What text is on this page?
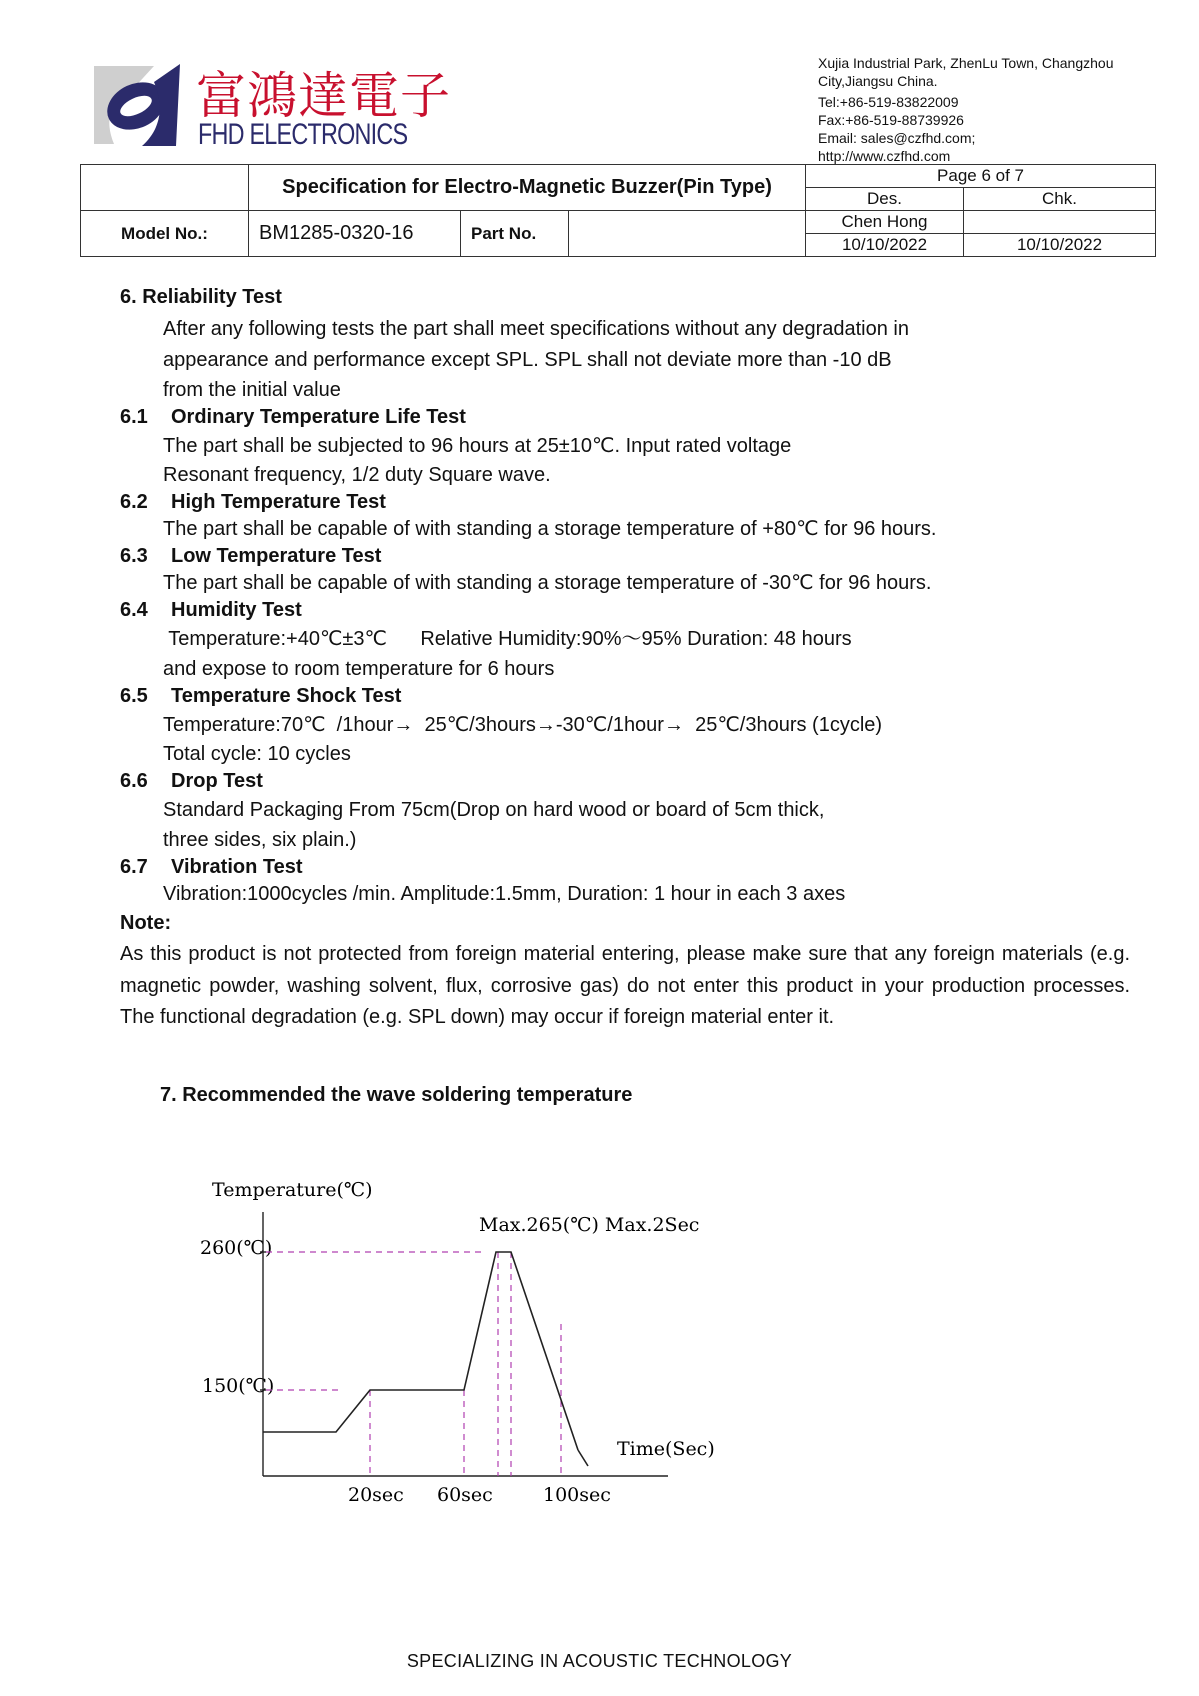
富鴻達電子
FHD ELECTRONICS
Xujia Industrial Park, ZhenLu Town, Changzhou
City,Jiangsu China.
Tel:+86-519-83822009
Fax:+86-519-88739926
Email: sales@czfhd.com;
http://www.czfhd.com
	Specification for Electro-Magnetic Buzzer(Pin Type)			Page 6 of 7	
				Des.	Chk.
Model No.:	BM1285-0320-16	Part No.		Chen Hong	
				10/10/2022	10/10/2022
6. Reliability Test
After any following tests the part shall meet specifications without any degradation in
appearance and performance except SPL. SPL shall not deviate more than -10 dB
from the initial value
6.1 Ordinary Temperature Life Test
The part shall be subjected to 96 hours at 25±10℃. Input rated voltage
Resonant frequency, 1/2 duty Square wave.
6.2 High Temperature Test
The part shall be capable of with standing a storage temperature of +80℃ for 96 hours.
6.3 Low Temperature Test
The part shall be capable of with standing a storage temperature of -30℃ for 96 hours.
6.4 Humidity Test
Temperature:+40℃±3℃      Relative Humidity:90%～95% Duration: 48 hours
and expose to room temperature for 6 hours
6.5 Temperature Shock Test
Temperature:70℃  /1hour→  25℃/3hours→-30℃/1hour→  25℃/3hours (1cycle)
Total cycle: 10 cycles
6.6 Drop Test
Standard Packaging From 75cm(Drop on hard wood or board of 5cm thick,
three sides, six plain.)
6.7 Vibration Test
Vibration:1000cycles /min. Amplitude:1.5mm, Duration: 1 hour in each 3 axes
Note:
As this product is not protected from foreign material entering, please make sure that any foreign materials (e.g. magnetic powder, washing solvent, flux, corrosive gas) do not enter this product in your production processes. The functional degradation (e.g. SPL down) may occur if foreign material enter it.
7. Recommended the wave soldering temperature
Temperature(℃)
260(℃)
150(℃)
Max.265(℃) Max.2Sec
Time(Sec)
20sec 60sec	100sec
SPECIALIZING IN ACOUSTIC TECHNOLOGY
